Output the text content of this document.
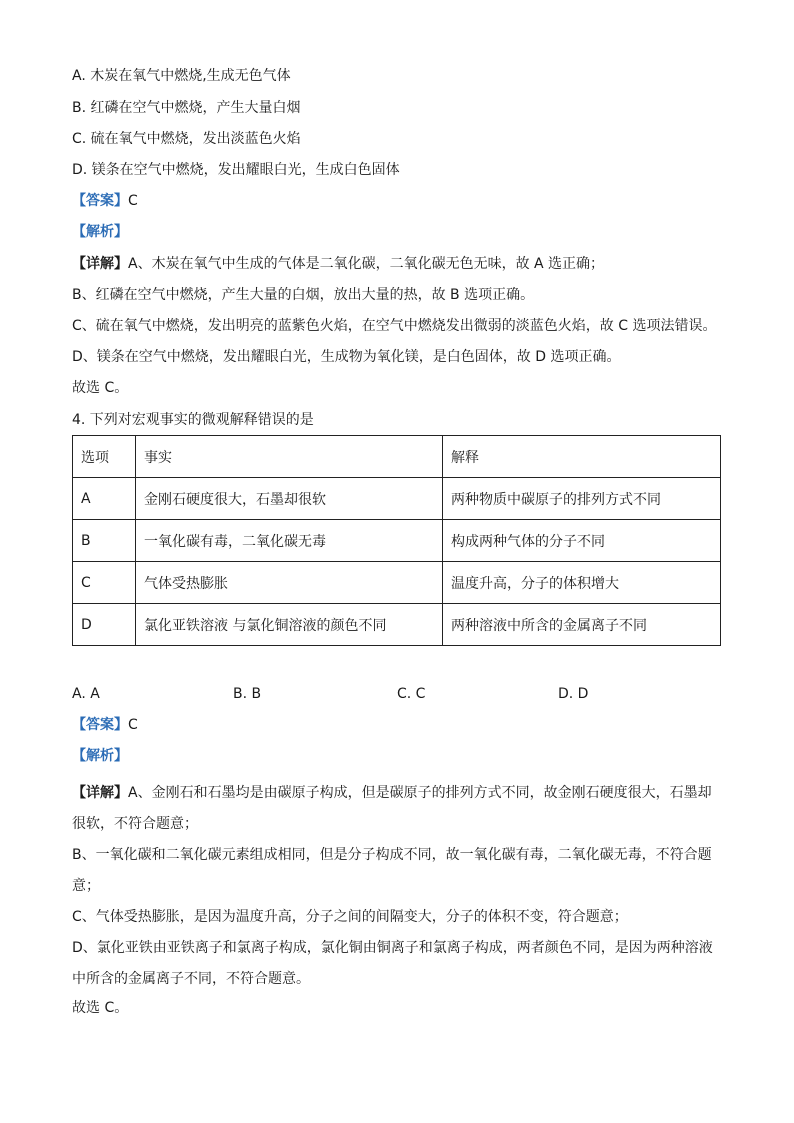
A. 木炭在氧气中燃烧,生成无色气体
B. 红磷在空气中燃烧，产生大量白烟
C. 硫在氧气中燃烧，发出淡蓝色火焰
D. 镁条在空气中燃烧，发出耀眼白光，生成白色固体
【答案】C
【解析】
【详解】A、木炭在氧气中生成的气体是二氧化碳，二氧化碳无色无味，故 A 选正确；
B、红磷在空气中燃烧，产生大量的白烟，放出大量的热，故 B 选项正确。
C、硫在氧气中燃烧，发出明亮的蓝紫色火焰，在空气中燃烧发出微弱的淡蓝色火焰，故 C 选项法错误。
D、镁条在空气中燃烧，发出耀眼白光，生成物为氧化镁，是白色固体，故 D 选项正确。
故选 C。
4. 下列对宏观事实的微观解释错误的是
选项	事实	解释
A	金刚石硬度很大，石墨却很软	两种物质中碳原子的排列方式不同
B	一氧化碳有毒，二氧化碳无毒	构成两种气体的分子不同
C	气体受热膨胀	温度升高，分子的体积增大
D	氯化亚铁溶液 与氯化铜溶液的颜色不同	两种溶液中所含的金属离子不同
A. A	B. B	C. C	D. D
【答案】C
【解析】
【详解】A、金刚石和石墨均是由碳原子构成，但是碳原子的排列方式不同，故金刚石硬度很大，石墨却很软，不符合题意；
B、一氧化碳和二氧化碳元素组成相同，但是分子构成不同，故一氧化碳有毒，二氧化碳无毒，不符合题意；
C、气体受热膨胀，是因为温度升高，分子之间的间隔变大，分子的体积不变，符合题意；
D、氯化亚铁由亚铁离子和氯离子构成，氯化铜由铜离子和氯离子构成，两者颜色不同，是因为两种溶液中所含的金属离子不同，不符合题意。
故选 C。
